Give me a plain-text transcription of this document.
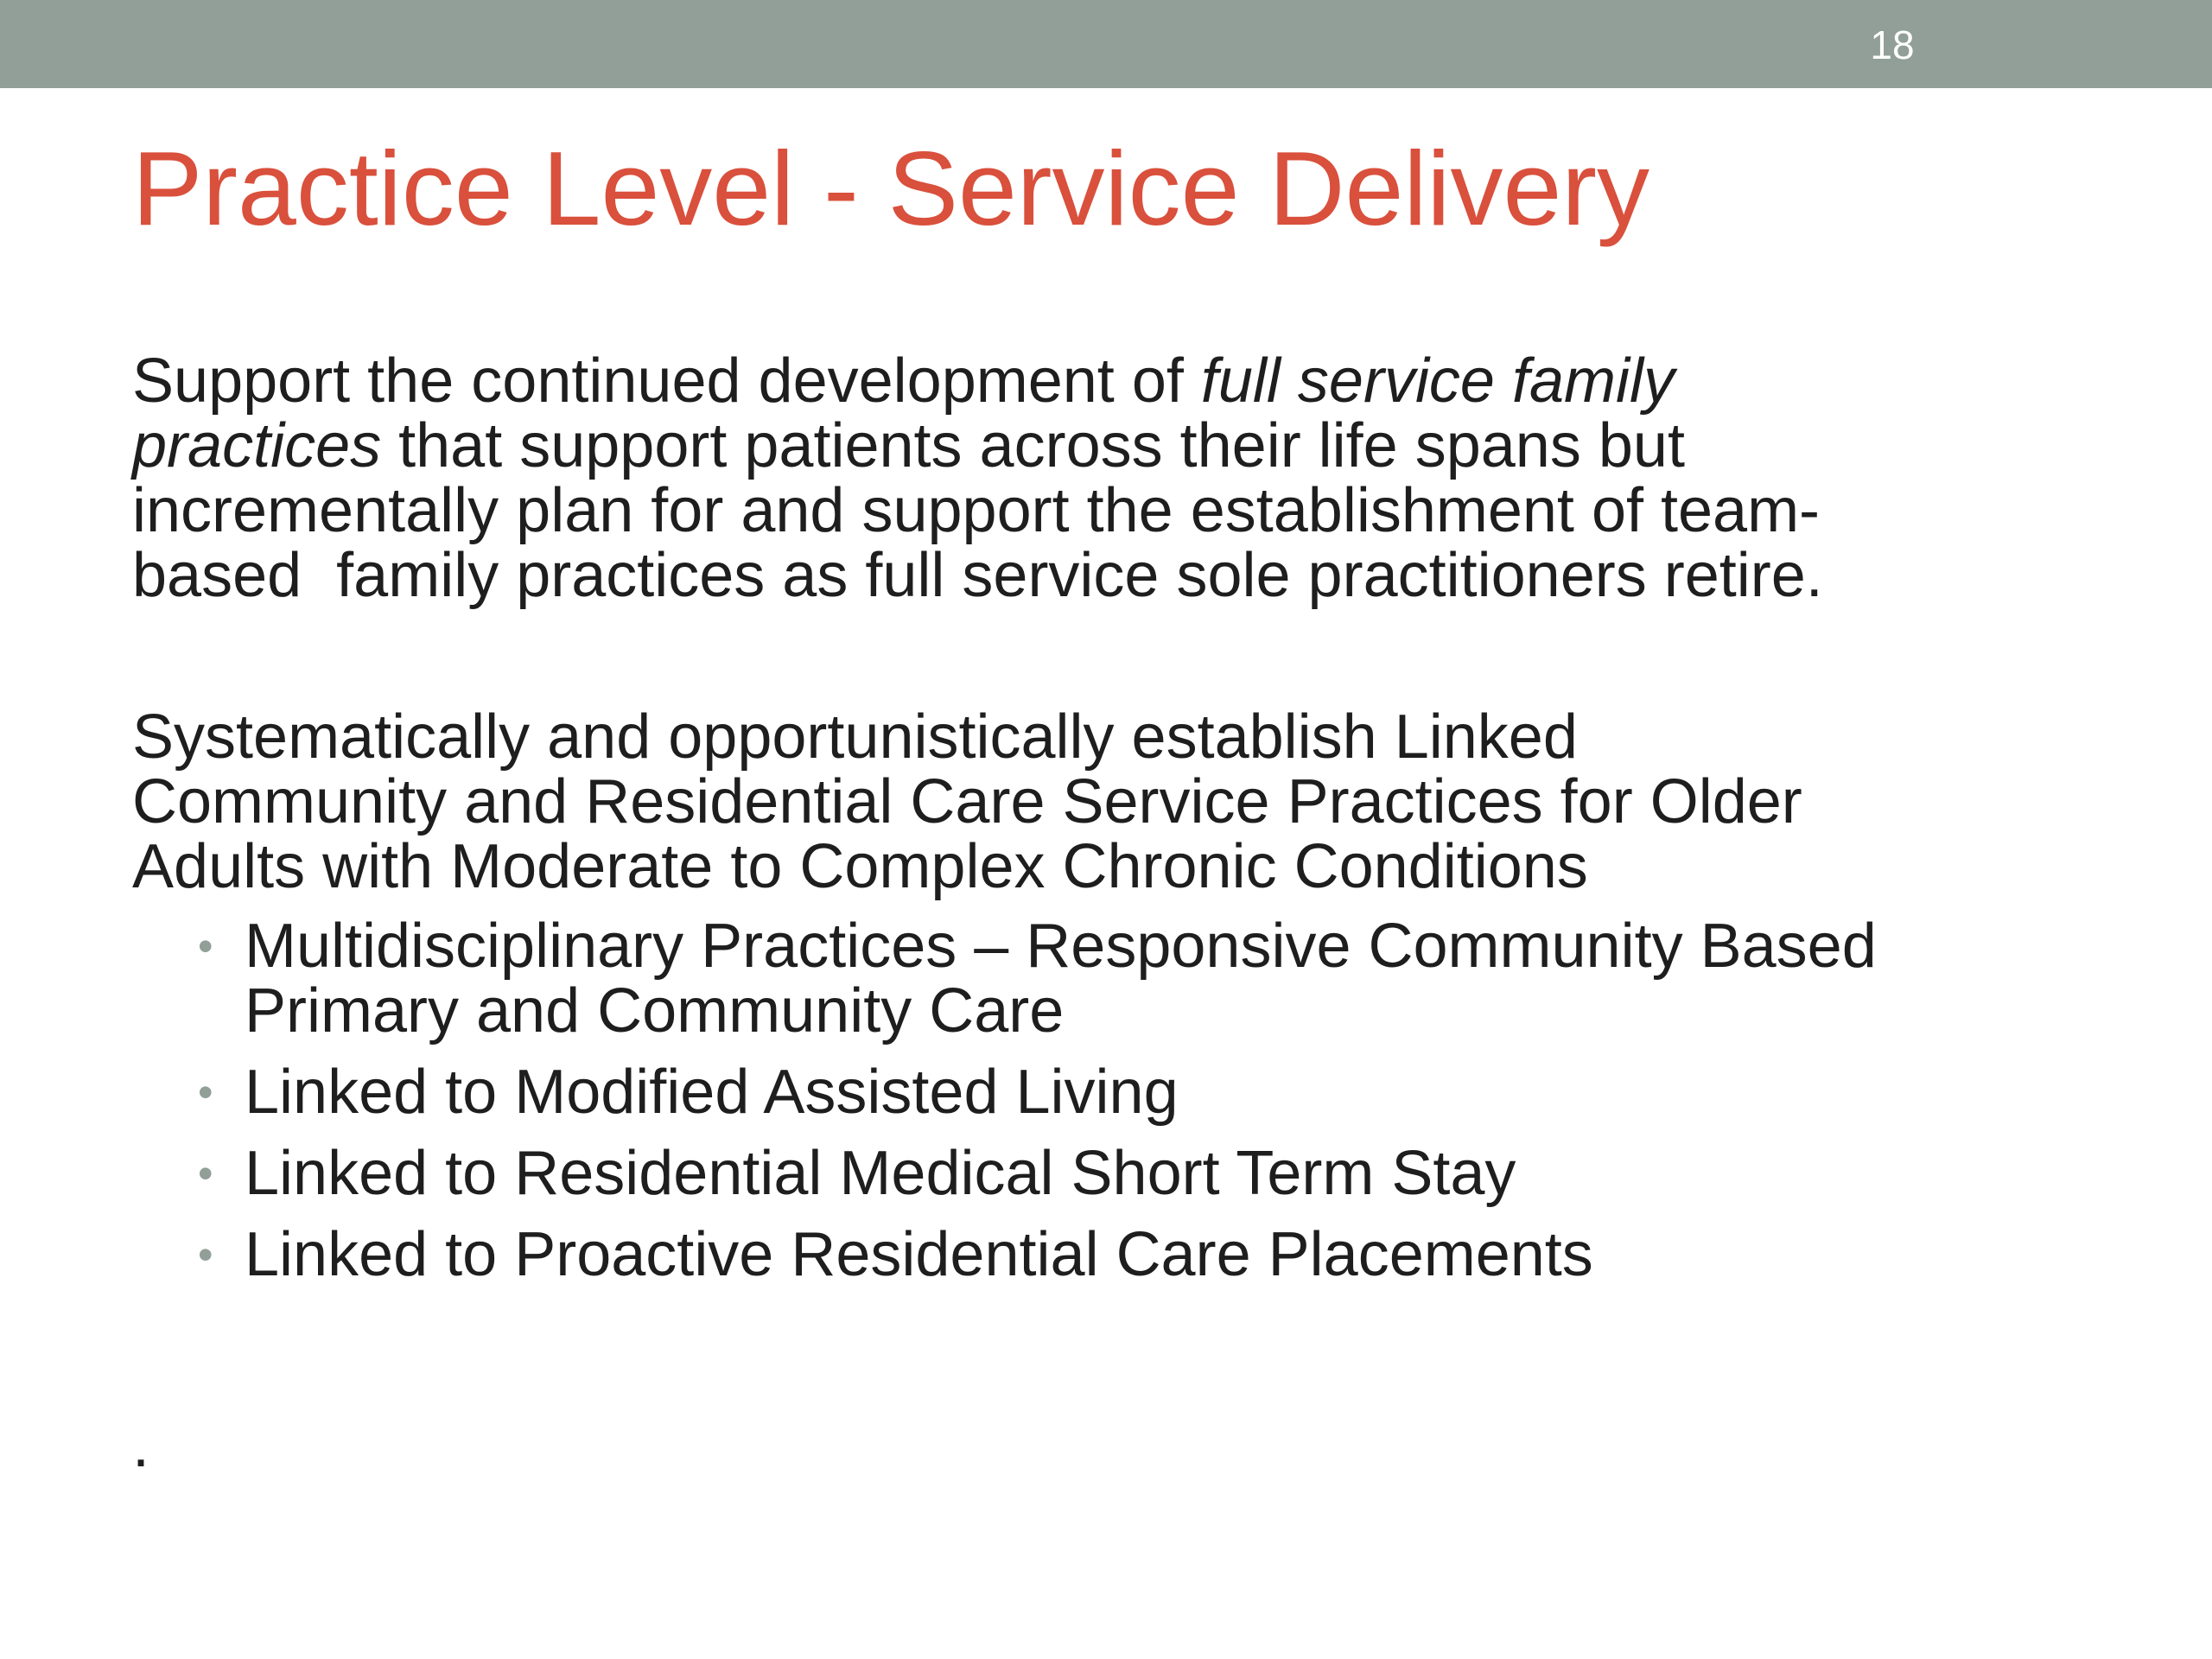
18
Practice Level - Service Delivery
Support the continued development of full service family
practices that support patients across their life spans but
incrementally plan for and support the establishment of team-
based  family practices as full service sole practitioners retire.
Systematically and opportunistically establish Linked
Community and Residential Care Service Practices for Older
Adults with Moderate to Complex Chronic Conditions
• Multidisciplinary Practices – Responsive Community Based
Primary and Community Care
• Linked to Modified Assisted Living
• Linked to Residential Medical Short Term Stay
• Linked to Proactive Residential Care Placements
.
